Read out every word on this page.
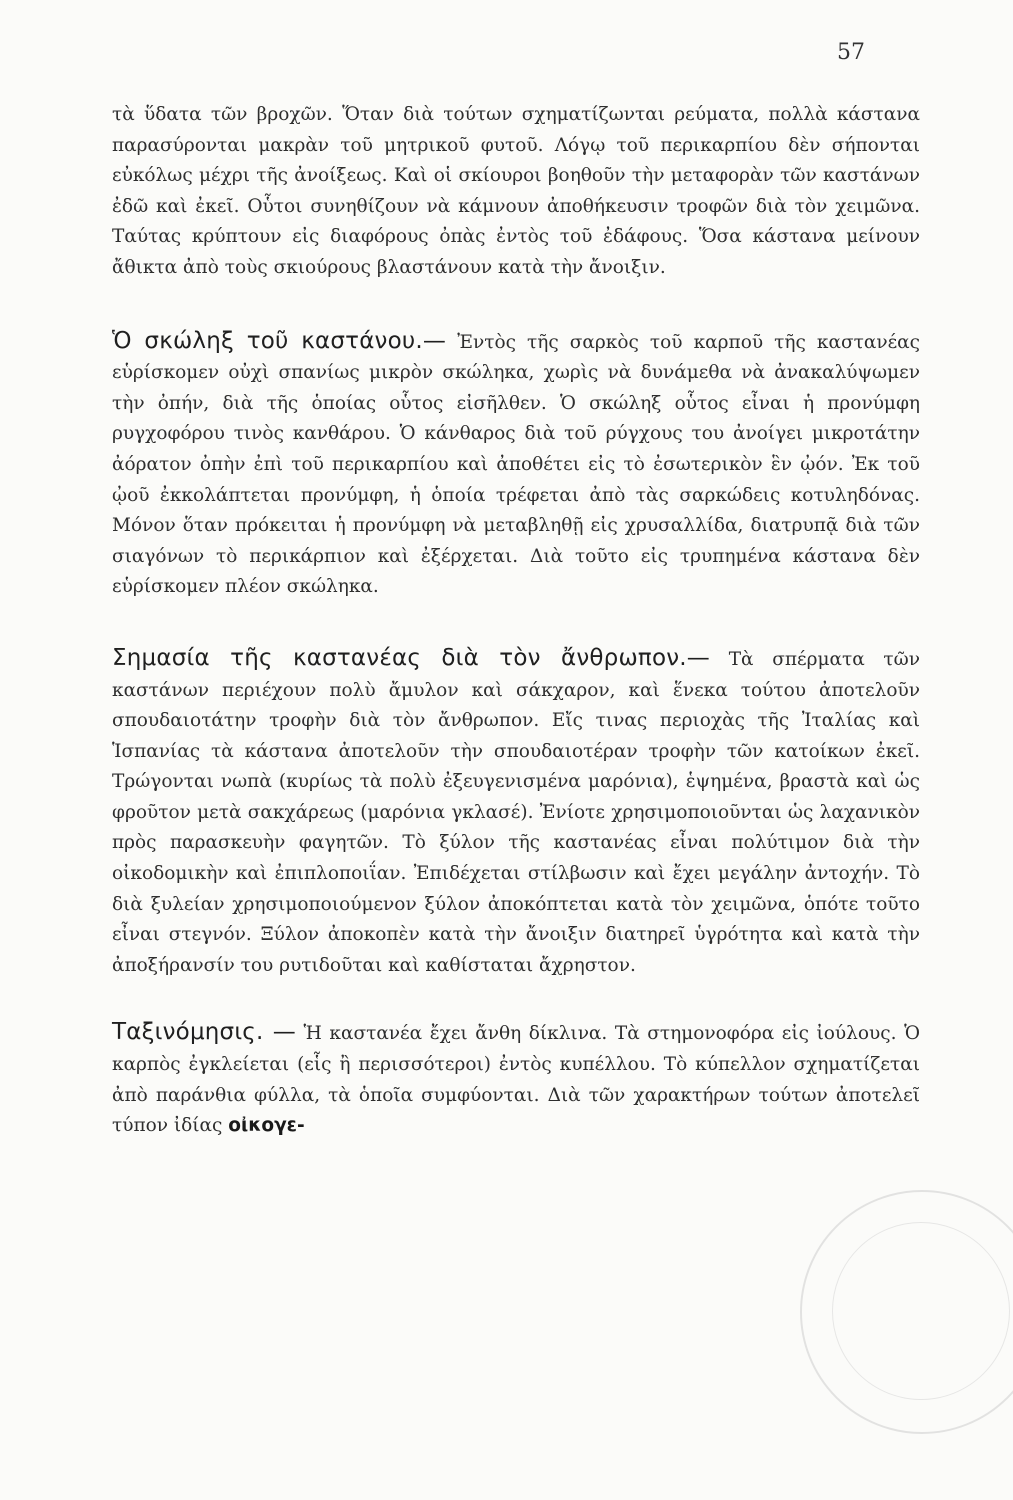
57

τὰ ὕδατα τῶν βροχῶν. Ὅταν διὰ τούτων σχηματίζωνται ρεύματα, πολλὰ κάστανα παρασύρονται μακρὰν τοῦ μητρικοῦ φυτοῦ. Λόγῳ τοῦ περικαρπίου δὲν σήπονται εὐκόλως μέχρι τῆς ἀνοίξεως. Καὶ οἱ σκίουροι βοηθοῦν τὴν μεταφορὰν τῶν καστάνων ἐδῶ καὶ ἐκεῖ. Οὗτοι συνηθίζουν νὰ κάμνουν ἀποθήκευσιν τροφῶν διὰ τὸν χειμῶνα. Ταύτας κρύπτουν εἰς διαφόρους ὀπὰς ἐντὸς τοῦ ἐδάφους. Ὅσα κάστανα μείνουν ἄθικτα ἀπὸ τοὺς σκιούρους βλαστάνουν κατὰ τὴν ἄνοιξιν.

Ὁ σκώληξ τοῦ καστάνου.— Ἐντὸς τῆς σαρκὸς τοῦ καρποῦ τῆς καστανέας εὑρίσκομεν οὐχὶ σπανίως μικρὸν σκώληκα, χωρὶς νὰ δυνάμεθα νὰ ἀνακαλύψωμεν τὴν ὀπήν, διὰ τῆς ὁποίας οὗτος εἰσῆλθεν. Ὁ σκώληξ οὗτος εἶναι ἡ προνύμφη ρυγχοφόρου τινὸς κανθάρου. Ὁ κάνθαρος διὰ τοῦ ρύγχους του ἀνοίγει μικροτάτην ἀόρατον ὀπὴν ἐπὶ τοῦ περικαρπίου καὶ ἀποθέτει εἰς τὸ ἐσωτερικὸν ἓν ᾠόν. Ἐκ τοῦ ᾠοῦ ἐκκολάπτεται προνύμφη, ἡ ὁποία τρέφεται ἀπὸ τὰς σαρκώδεις κοτυληδόνας. Μόνον ὅταν πρόκειται ἡ προνύμφη νὰ μεταβληθῇ εἰς χρυσαλλίδα, διατρυπᾷ διὰ τῶν σιαγόνων τὸ περικάρπιον καὶ ἐξέρχεται. Διὰ τοῦτο εἰς τρυπημένα κάστανα δὲν εὑρίσκομεν πλέον σκώληκα.

Σημασία τῆς καστανέας διὰ τὸν ἄνθρωπον.— Τὰ σπέρματα τῶν καστάνων περιέχουν πολὺ ἄμυλον καὶ σάκχαρον, καὶ ἕνεκα τούτου ἀποτελοῦν σπουδαιοτάτην τροφὴν διὰ τὸν ἄνθρωπον. Εἴς τινας περιοχὰς τῆς Ἰταλίας καὶ Ἱσπανίας τὰ κάστανα ἀποτελοῦν τὴν σπουδαιοτέραν τροφὴν τῶν κατοίκων ἐκεῖ. Τρώγονται νωπὰ (κυρίως τὰ πολὺ ἐξευγενισμένα μαρόνια), ἑψημένα, βραστὰ καὶ ὡς φροῦτον μετὰ σακχάρεως (μαρόνια γκλασέ). Ἐνίοτε χρησιμοποιοῦνται ὡς λαχανικὸν πρὸς παρασκευὴν φαγητῶν. Τὸ ξύλον τῆς καστανέας εἶναι πολύτιμον διὰ τὴν οἰκοδομικὴν καὶ ἐπιπλοποιΐαν. Ἐπιδέχεται στίλβωσιν καὶ ἔχει μεγάλην ἀντοχήν. Τὸ διὰ ξυλείαν χρησιμοποιούμενον ξύλον ἀποκόπτεται κατὰ τὸν χειμῶνα, ὁπότε τοῦτο εἶναι στεγνόν. Ξύλον ἀποκοπὲν κατὰ τὴν ἄνοιξιν διατηρεῖ ὑγρότητα καὶ κατὰ τὴν ἀποξήρανσίν του ρυτιδοῦται καὶ καθίσταται ἄχρηστον.

Ταξινόμησις. — Ἡ καστανέα ἔχει ἄνθη δίκλινα. Τὰ στημονοφόρα εἰς ἰούλους. Ὁ καρπὸς ἐγκλείεται (εἷς ἢ περισσότεροι) ἐντὸς κυπέλλου. Τὸ κύπελλον σχηματίζεται ἀπὸ παράνθια φύλλα, τὰ ὁποῖα συμφύονται. Διὰ τῶν χαρακτήρων τούτων ἀποτελεῖ τύπον ἰδίας οἰκογε-
